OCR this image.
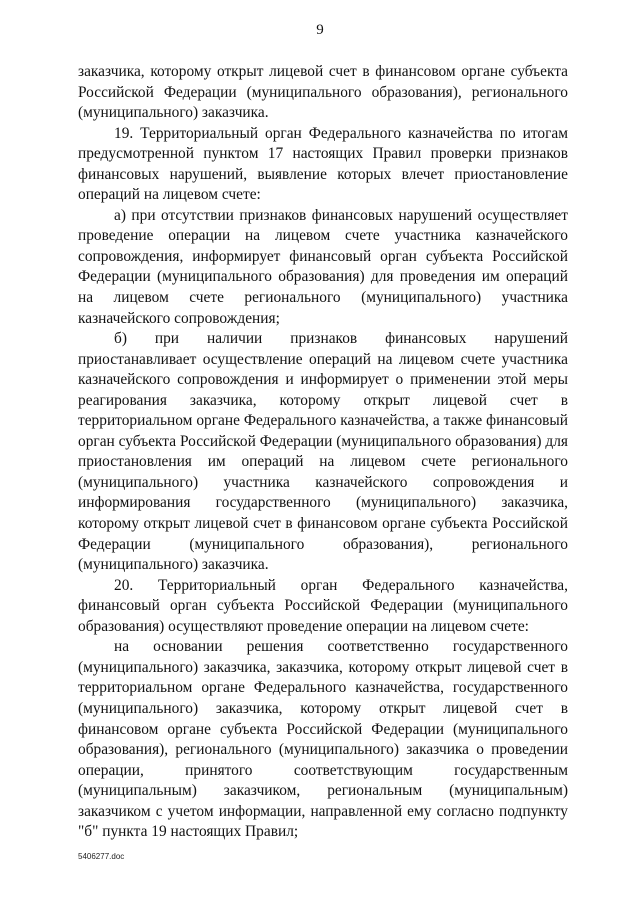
9

заказчика, которому открыт лицевой счет в финансовом органе субъекта Российской Федерации (муниципального образования), регионального (муниципального) заказчика.

19. Территориальный орган Федерального казначейства по итогам предусмотренной пунктом 17 настоящих Правил проверки признаков финансовых нарушений, выявление которых влечет приостановление операций на лицевом счете:

а) при отсутствии признаков финансовых нарушений осуществляет проведение операции на лицевом счете участника казначейского сопровождения, информирует финансовый орган субъекта Российской Федерации (муниципального образования) для проведения им операций на лицевом счете регионального (муниципального) участника казначейского сопровождения;

б) при наличии признаков финансовых нарушений приостанавливает осуществление операций на лицевом счете участника казначейского сопровождения и информирует о применении этой меры реагирования заказчика, которому открыт лицевой счет в территориальном органе Федерального казначейства, а также финансовый орган субъекта Российской Федерации (муниципального образования) для приостановления им операций на лицевом счете регионального (муниципального) участника казначейского сопровождения и информирования государственного (муниципального) заказчика, которому открыт лицевой счет в финансовом органе субъекта Российской Федерации (муниципального образования), регионального (муниципального) заказчика.

20. Территориальный орган Федерального казначейства, финансовый орган субъекта Российской Федерации (муниципального образования) осуществляют проведение операции на лицевом счете:

на основании решения соответственно государственного (муниципального) заказчика, заказчика, которому открыт лицевой счет в территориальном органе Федерального казначейства, государственного (муниципального) заказчика, которому открыт лицевой счет в финансовом органе субъекта Российской Федерации (муниципального образования), регионального (муниципального) заказчика о проведении операции, принятого соответствующим государственным (муниципальным) заказчиком, региональным (муниципальным) заказчиком с учетом информации, направленной ему согласно подпункту "б" пункта 19 настоящих Правил;

5406277.doc
